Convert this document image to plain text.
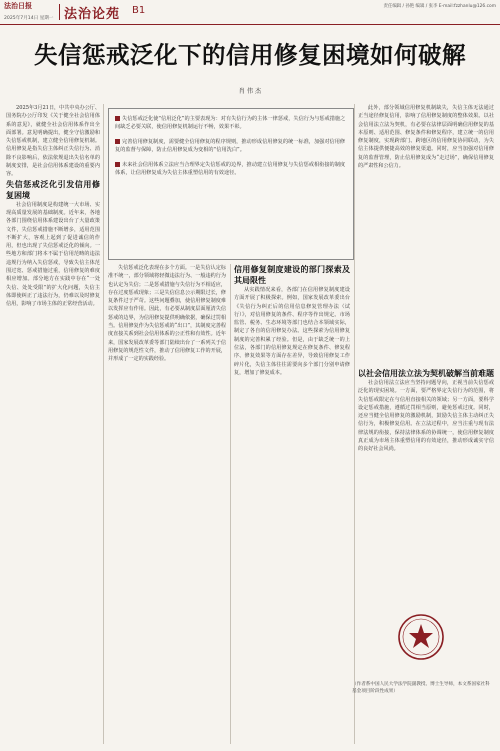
法治日报
2025年7月14日 星期一 法治论苑 B1	责任编辑 / 孙艳 编辑 / 张李 E-mail:fzzhanlu@126.com
失信惩戒泛化下的信用修复困境如何破解
肖 伟 杰

2025年3月21日，中共中央办公厅、国务院办公厅印发《关于健全社会信用体系的意见》，就健全社会信用体系作出全面部署。意见明确提出，健全守信激励和失信惩戒机制，建立健全信用修复机制。信用修复是指失信主体纠正失信行为、消除不良影响后，依法依规退出失信名单的制度安排，是社会信用体系建设的重要内容。

失信惩戒泛化引发信用修复困境

社会信用制度是构建统一大市场、实现高质量发展的基础制度。近年来，各地各部门围绕信用体系建设出台了大量政策文件，失信惩戒措施不断增多，适用范围不断扩大，客观上起到了促进诚信的作用，但也出现了失信惩戒泛化的倾向。一些地方和部门将本不属于信用范畴的违法违规行为纳入失信惩戒，导致失信主体范围过宽、惩戒措施过重，信用修复的难度相应增加。部分地方在实践中存在“一处失信、处处受限”的扩大化问题，失信主体即使纠正了违法行为，仍难以及时修复信用，影响了市场主体的正常经营活动。

失信惩戒泛化使“信用泛化”的主要表现为：对有失信行为的主体一律惩戒，失信行为与惩戒措施之间缺乏必要关联，使信用修复机制运行不畅，效果不彰。

完善信用修复制度，需要健全信用修复的程序规则，推动形成信用修复的统一标准，加强对信用修复的监督与保障，防止信用修复成为变相的“信用洗白”。

未来社会信用体系立法应当合理界定失信惩戒的边界，推动建立信用修复与失信惩戒相衔接的制度体系，让信用修复成为失信主体重塑信用的有效途径。

失信惩戒泛化表现在多个方面。一是失信认定标准不统一，部分领域将轻微违法行为、一般违约行为也认定为失信；二是惩戒措施与失信行为不相适应，存在过度惩戒现象；三是失信信息公示期限过长，修复条件过于严苛。这些问题叠加，使信用修复制度难以发挥应有作用。因此，有必要从制度层面厘清失信惩戒的边界，为信用修复提供明确依据，确保过罚相当。信用修复作为失信惩戒的“出口”，其制度完善程度直接关系到社会信用体系的公正性和有效性。近年来，国家发展改革委等部门陆续出台了一系列关于信用修复的规范性文件，推动了信用修复工作的开展，并形成了一定的实践经验。

信用修复制度建设的部门探索及其局限性

从实践情况来看，各部门在信用修复制度建设方面开展了积极探索。例如，国家发展改革委出台《失信行为纠正后的信用信息修复管理办法（试行）》，对信用修复的条件、程序等作出规定。市场监管、税务、生态环境等部门也结合本领域实际，制定了各自的信用修复办法。这些探索为信用修复制度的完善积累了经验。但是，由于缺乏统一的上位法，各部门的信用修复规定在修复条件、修复程序、修复效果等方面存在差异，导致信用修复工作碎片化，失信主体往往需要向多个部门分别申请修复，增加了修复成本。

此外，部分领域信用修复机制缺失，失信主体无法通过正当途径修复信用，影响了信用修复制度的整体效果。以社会信用法立法为契机，有必要在法律层面明确信用修复的基本原则、适用范围、修复条件和修复程序，建立统一的信用修复制度，实现跨部门、跨地区的信用修复协同联动，为失信主体提供便捷高效的修复渠道。同时，应当加强对信用修复的监督管理，防止信用修复成为“走过场”，确保信用修复的严肃性和公信力。

以社会信用法立法为契机破解当前难题

社会信用法立法应当坚持问题导向，正视当前失信惩戒泛化的现实困境。一方面，要严格界定失信行为的范围，将失信惩戒限定在与信用直接相关的领域；另一方面，要科学设定惩戒措施，遵循过罚相当原则，避免惩戒过度。同时，还应当健全信用修复的激励机制，鼓励失信主体主动纠正失信行为，积极修复信用。在立法过程中，应当注重与现有法律法规的衔接，保持法律体系的协调统一，使信用修复制度真正成为市场主体重塑信用的有效途径，推动形成诚实守信的良好社会风尚。

（作者系中国人民大学法学院副教授、博士生导师，本文系国家社科基金项目阶段性成果）
